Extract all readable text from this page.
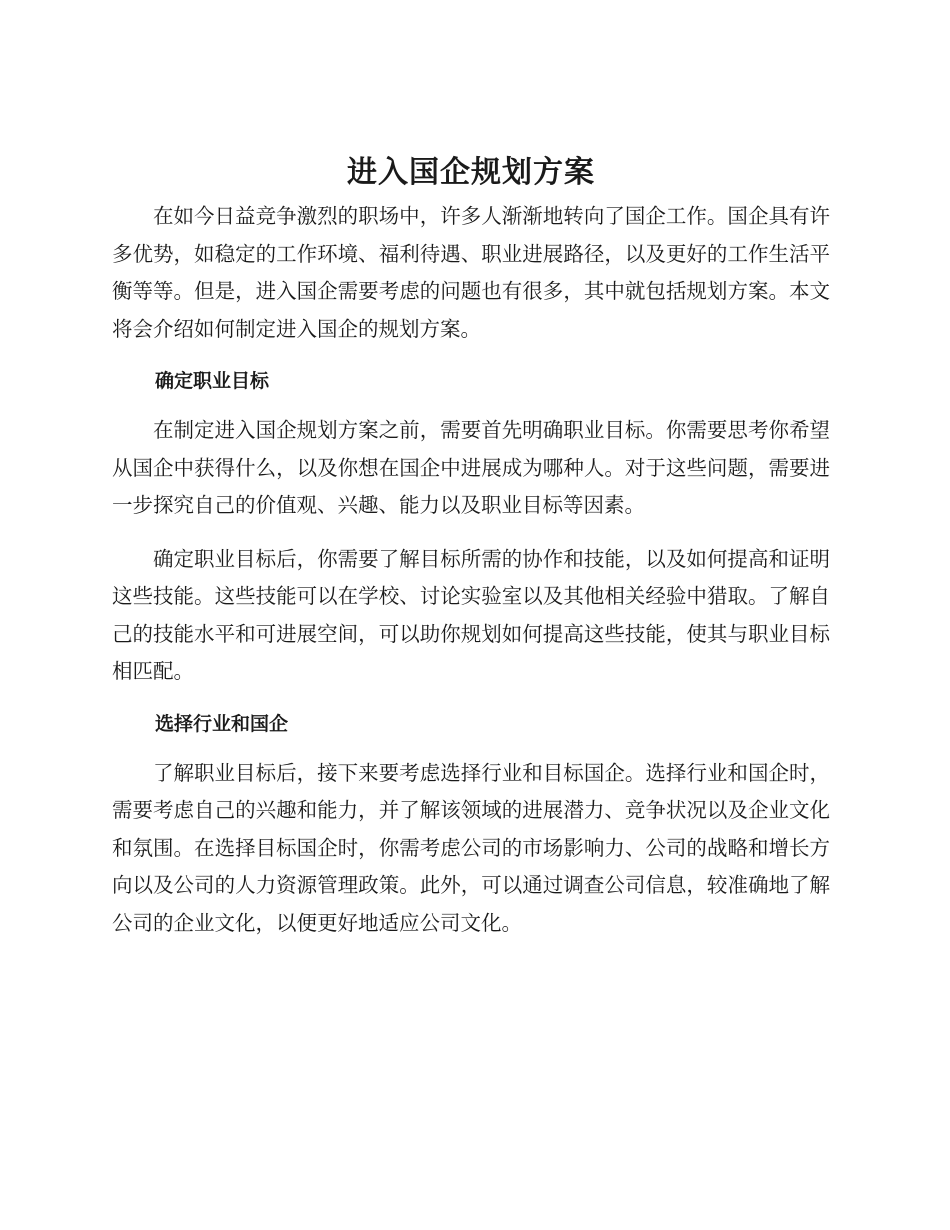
进入国企规划方案

在如今日益竞争激烈的职场中，许多人渐渐地转向了国企工作。国企具有许多优势，如稳定的工作环境、福利待遇、职业进展路径，以及更好的工作生活平衡等等。但是，进入国企需要考虑的问题也有很多，其中就包括规划方案。本文将会介绍如何制定进入国企的规划方案。

确定职业目标

在制定进入国企规划方案之前，需要首先明确职业目标。你需要思考你希望从国企中获得什么，以及你想在国企中进展成为哪种人。对于这些问题，需要进一步探究自己的价值观、兴趣、能力以及职业目标等因素。

确定职业目标后，你需要了解目标所需的协作和技能，以及如何提高和证明这些技能。这些技能可以在学校、讨论实验室以及其他相关经验中猎取。了解自己的技能水平和可进展空间，可以助你规划如何提高这些技能，使其与职业目标相匹配。

选择行业和国企

了解职业目标后，接下来要考虑选择行业和目标国企。选择行业和国企时，需要考虑自己的兴趣和能力，并了解该领域的进展潜力、竞争状况以及企业文化和氛围。在选择目标国企时，你需考虑公司的市场影响力、公司的战略和增长方向以及公司的人力资源管理政策。此外，可以通过调查公司信息，较准确地了解公司的企业文化，以便更好地适应公司文化。
